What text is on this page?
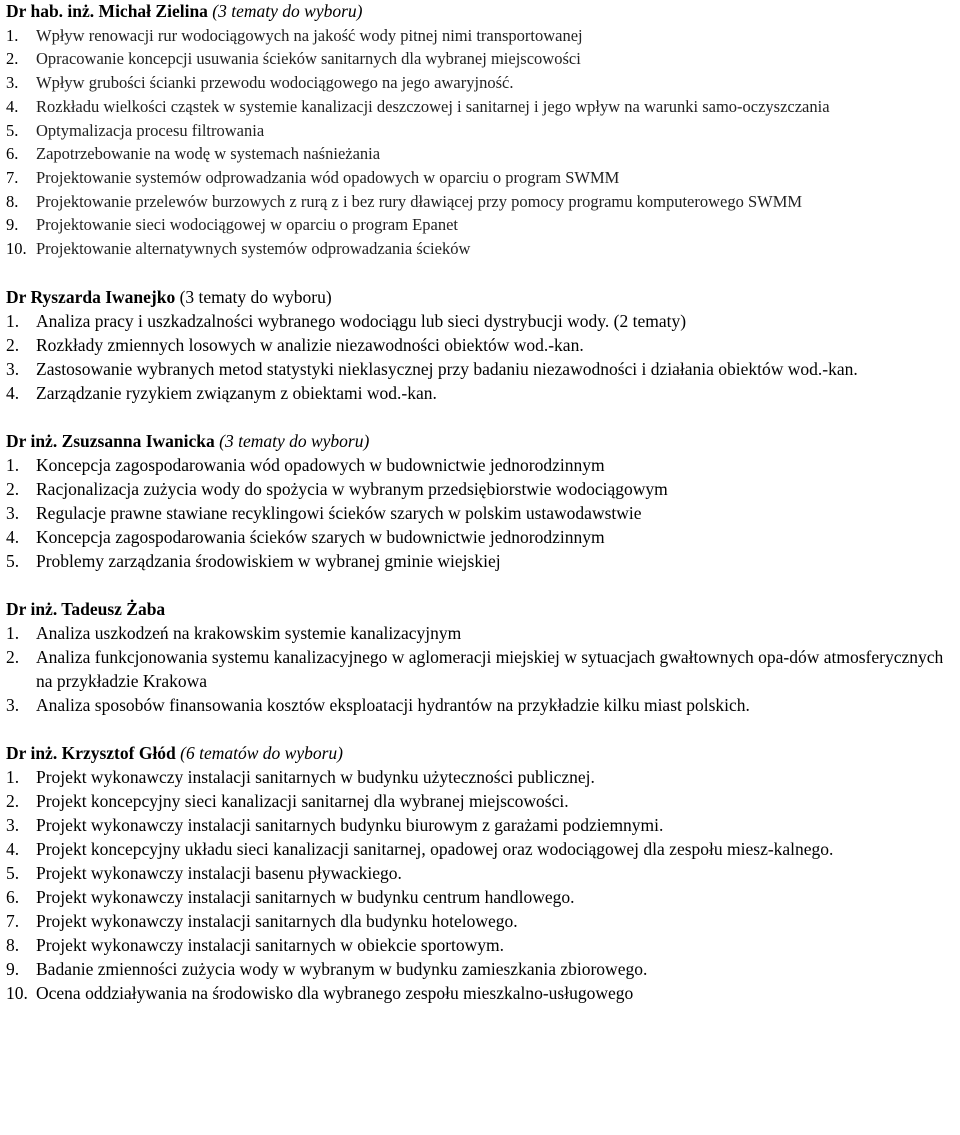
Dr hab. inż. Michał Zielina (3 tematy do wyboru)

1. Wpływ renowacji rur wodociągowych na jakość wody pitnej nimi transportowanej
2. Opracowanie koncepcji usuwania ścieków sanitarnych dla wybranej miejscowości
3. Wpływ grubości ścianki przewodu wodociągowego na jego awaryjność.
4. Rozkładu wielkości cząstek w systemie kanalizacji deszczowej i sanitarnej i jego wpływ na warunki samo-oczyszczania
5. Optymalizacja procesu filtrowania
6. Zapotrzebowanie na wodę w systemach naśnieżania
7. Projektowanie systemów odprowadzania wód opadowych w oparciu o program SWMM
8. Projektowanie przelewów burzowych z rurą z i bez rury dławiącej przy pomocy programu komputerowego SWMM
9. Projektowanie sieci wodociągowej w oparciu o program Epanet
10. Projektowanie alternatywnych systemów odprowadzania ścieków

Dr Ryszarda Iwanejko (3 tematy do wyboru)

1. Analiza pracy i uszkadzalności wybranego wodociągu lub sieci dystrybucji wody. (2 tematy)
2. Rozkłady zmiennych losowych w analizie niezawodności obiektów wod.-kan.
3. Zastosowanie wybranych metod statystyki nieklasycznej przy badaniu niezawodności i działania obiektów wod.-kan.
4. Zarządzanie ryzykiem związanym z obiektami wod.-kan.

Dr inż. Zsuzsanna Iwanicka (3 tematy do wyboru)

1. Koncepcja zagospodarowania wód opadowych w budownictwie jednorodzinnym
2. Racjonalizacja zużycia wody do spożycia w wybranym przedsiębiorstwie wodociągowym
3. Regulacje prawne stawiane recyklingowi ścieków szarych w polskim ustawodawstwie
4. Koncepcja zagospodarowania ścieków szarych w budownictwie jednorodzinnym
5. Problemy zarządzania środowiskiem w wybranej gminie wiejskiej

Dr inż. Tadeusz Żaba

1. Analiza uszkodzeń na krakowskim systemie kanalizacyjnym
2. Analiza funkcjonowania systemu kanalizacyjnego w aglomeracji miejskiej w sytuacjach gwałtownych opa-dów atmosferycznych na przykładzie Krakowa
3. Analiza sposobów finansowania kosztów eksploatacji hydrantów na przykładzie kilku miast polskich.

Dr inż. Krzysztof Głód (6 tematów do wyboru)

1. Projekt wykonawczy instalacji sanitarnych w budynku użyteczności publicznej.
2. Projekt koncepcyjny sieci kanalizacji sanitarnej dla wybranej miejscowości.
3. Projekt wykonawczy instalacji sanitarnych budynku biurowym z garażami podziemnymi.
4. Projekt koncepcyjny układu sieci kanalizacji sanitarnej, opadowej oraz wodociągowej dla zespołu miesz-kalnego.
5. Projekt wykonawczy instalacji basenu pływackiego.
6. Projekt wykonawczy instalacji sanitarnych w budynku centrum handlowego.
7. Projekt wykonawczy instalacji sanitarnych dla budynku hotelowego.
8. Projekt wykonawczy instalacji sanitarnych w obiekcie sportowym.
9. Badanie zmienności zużycia wody w wybranym w budynku zamieszkania zbiorowego.
10. Ocena oddziaływania na środowisko dla wybranego zespołu mieszkalno-usługowego
